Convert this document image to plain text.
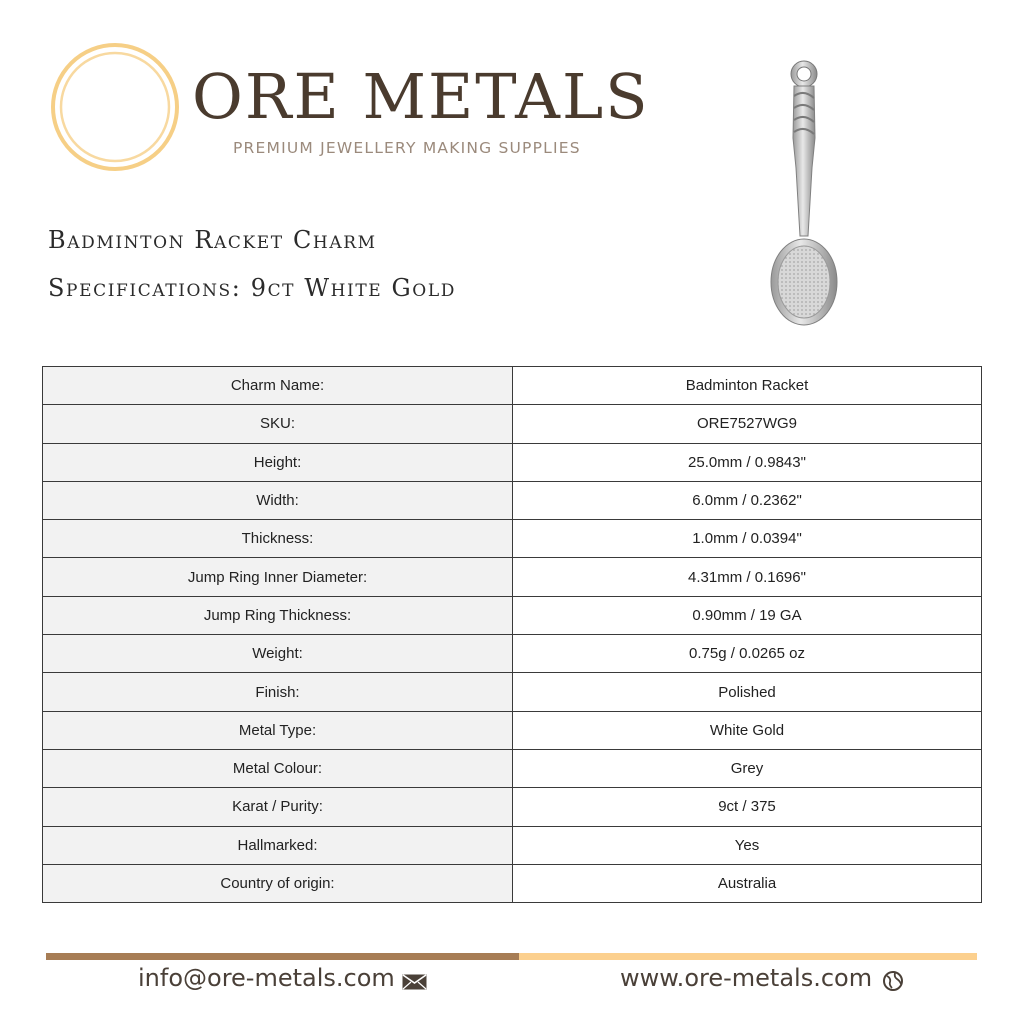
ORE METALS
PREMIUM JEWELLERY MAKING SUPPLIES
Badminton Racket Charm
Specifications: 9ct White Gold
Charm Name:	Badminton Racket
SKU:	ORE7527WG9
Height:	25.0mm / 0.9843"
Width:	6.0mm / 0.2362"
Thickness:	1.0mm / 0.0394"
Jump Ring Inner Diameter:	4.31mm / 0.1696"
Jump Ring Thickness:	0.90mm / 19 GA
Weight:	0.75g / 0.0265 oz
Finish:	Polished
Metal Type:	White Gold
Metal Colour:	Grey
Karat / Purity:	9ct / 375
Hallmarked:	Yes
Country of origin:	Australia
info@ore-metals.com	www.ore-metals.com
